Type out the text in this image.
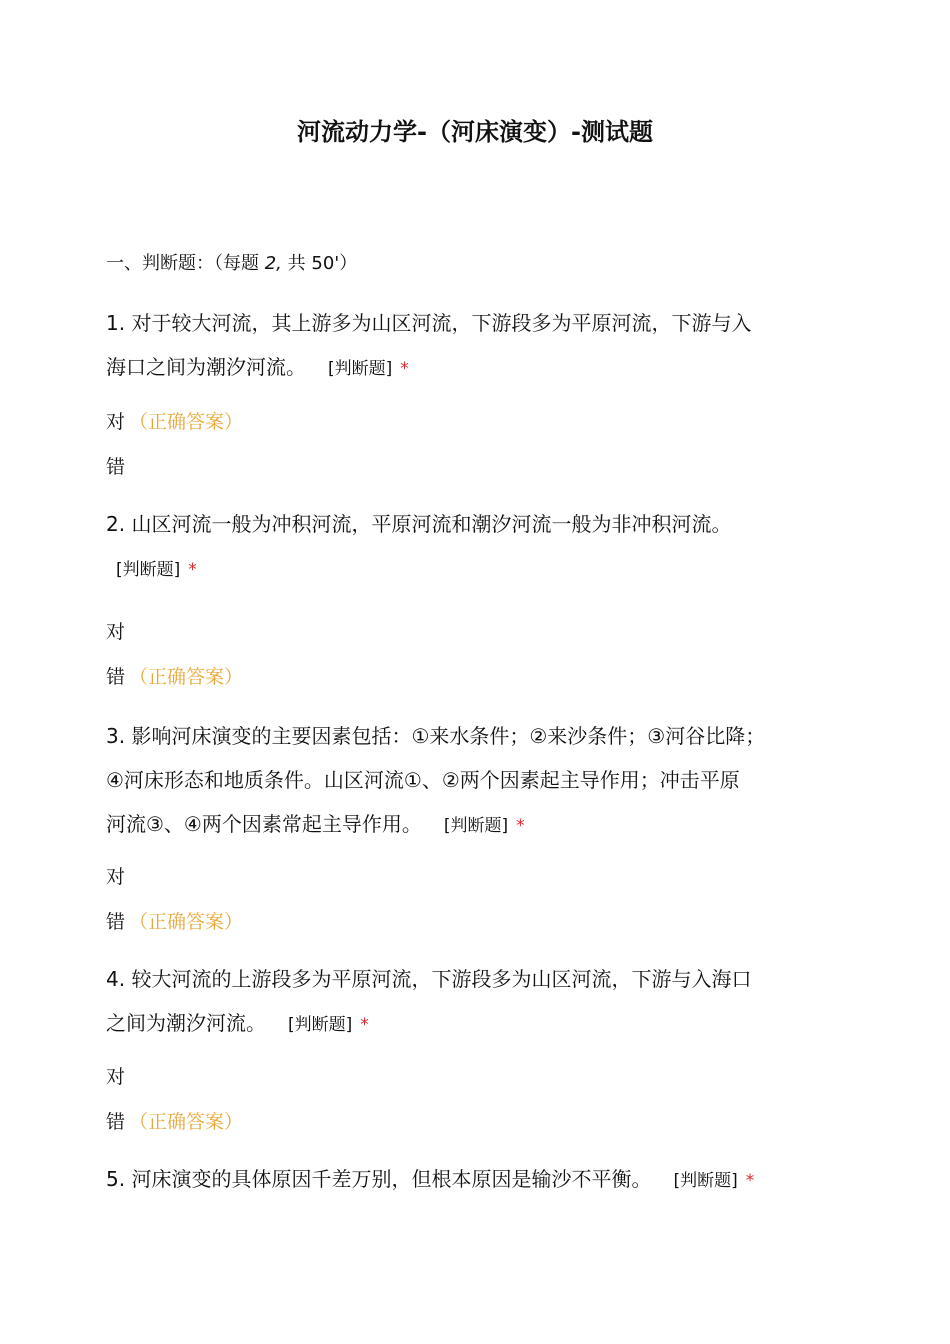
河流动力学-（河床演变）-测试题

一、判断题：（每题 2, 共 50'）

1. 对于较大河流，其上游多为山区河流，下游段多为平原河流，下游与入
海口之间为潮汐河流。 [判断题] *

对 （正确答案）

错

2. 山区河流一般为冲积河流，平原河流和潮汐河流一般为非冲积河流。
[判断题] *

对

错 （正确答案）

3. 影响河床演变的主要因素包括：①来水条件；②来沙条件；③河谷比降；
④河床形态和地质条件。山区河流①、②两个因素起主导作用；冲击平原
河流③、④两个因素常起主导作用。 [判断题] *

对

错 （正确答案）

4. 较大河流的上游段多为平原河流，下游段多为山区河流，下游与入海口
之间为潮汐河流。 [判断题] *

对

错 （正确答案）

5. 河床演变的具体原因千差万别，但根本原因是输沙不平衡。 [判断题] *
